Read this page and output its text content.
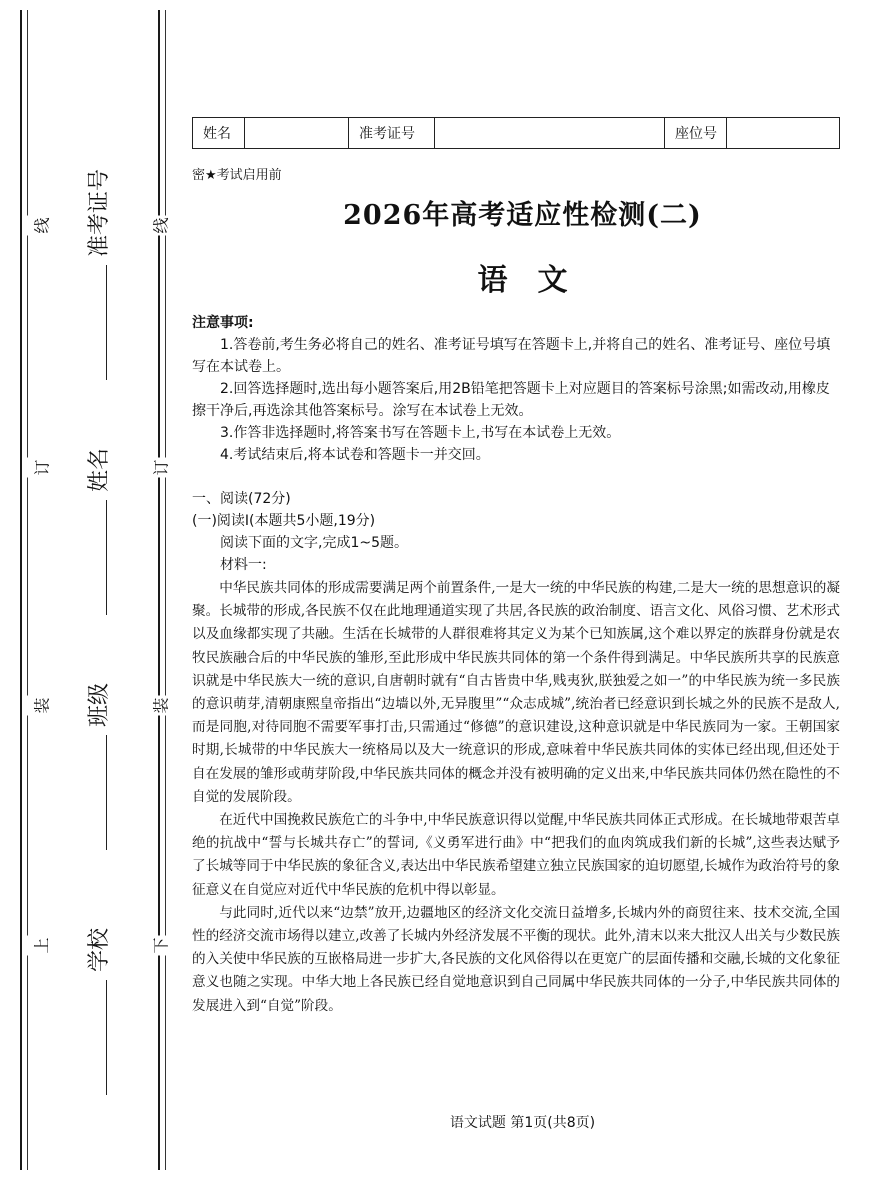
线
订
装
上
线
订
装
下
准考证号
姓名
班级
学校
姓名	准考证号	座位号
密★考试启用前
2026年高考适应性检测(二)
语文
注意事项:

1.答卷前,考生务必将自己的姓名、准考证号填写在答题卡上,并将自己的姓名、准考证号、座位号填写在本试卷上。

2.回答选择题时,选出每小题答案后,用2B铅笔把答题卡上对应题目的答案标号涂黑;如需改动,用橡皮擦干净后,再选涂其他答案标号。涂写在本试卷上无效。

3.作答非选择题时,将答案书写在答题卡上,书写在本试卷上无效。

4.考试结束后,将本试卷和答题卡一并交回。

一、阅读(72分)

(一)阅读Ⅰ(本题共5小题,19分)

阅读下面的文字,完成1~5题。

材料一:

中华民族共同体的形成需要满足两个前置条件,一是大一统的中华民族的构建,二是大一统的思想意识的凝聚。长城带的形成,各民族不仅在此地理通道实现了共居,各民族的政治制度、语言文化、风俗习惯、艺术形式以及血缘都实现了共融。生活在长城带的人群很难将其定义为某个已知族属,这个难以界定的族群身份就是农牧民族融合后的中华民族的雏形,至此形成中华民族共同体的第一个条件得到满足。中华民族所共享的民族意识就是中华民族大一统的意识,自唐朝时就有“自古皆贵中华,贱夷狄,朕独爱之如一”的中华民族为统一多民族的意识萌芽,清朝康熙皇帝指出“边墙以外,无异腹里”“众志成城”,统治者已经意识到长城之外的民族不是敌人,而是同胞,对待同胞不需要军事打击,只需通过“修德”的意识建设,这种意识就是中华民族同为一家。王朝国家时期,长城带的中华民族大一统格局以及大一统意识的形成,意味着中华民族共同体的实体已经出现,但还处于自在发展的雏形或萌芽阶段,中华民族共同体的概念并没有被明确的定义出来,中华民族共同体仍然在隐性的不自觉的发展阶段。

在近代中国挽救民族危亡的斗争中,中华民族意识得以觉醒,中华民族共同体正式形成。在长城地带艰苦卓绝的抗战中“誓与长城共存亡”的誓词,《义勇军进行曲》中“把我们的血肉筑成我们新的长城”,这些表达赋予了长城等同于中华民族的象征含义,表达出中华民族希望建立独立民族国家的迫切愿望,长城作为政治符号的象征意义在自觉应对近代中华民族的危机中得以彰显。

与此同时,近代以来“边禁”放开,边疆地区的经济文化交流日益增多,长城内外的商贸往来、技术交流,全国性的经济交流市场得以建立,改善了长城内外经济发展不平衡的现状。此外,清末以来大批汉人出关与少数民族的入关使中华民族的互嵌格局进一步扩大,各民族的文化风俗得以在更宽广的层面传播和交融,长城的文化象征意义也随之实现。中华大地上各民族已经自觉地意识到自己同属中华民族共同体的一分子,中华民族共同体的发展进入到“自觉”阶段。

语文试题 第1页(共8页)
